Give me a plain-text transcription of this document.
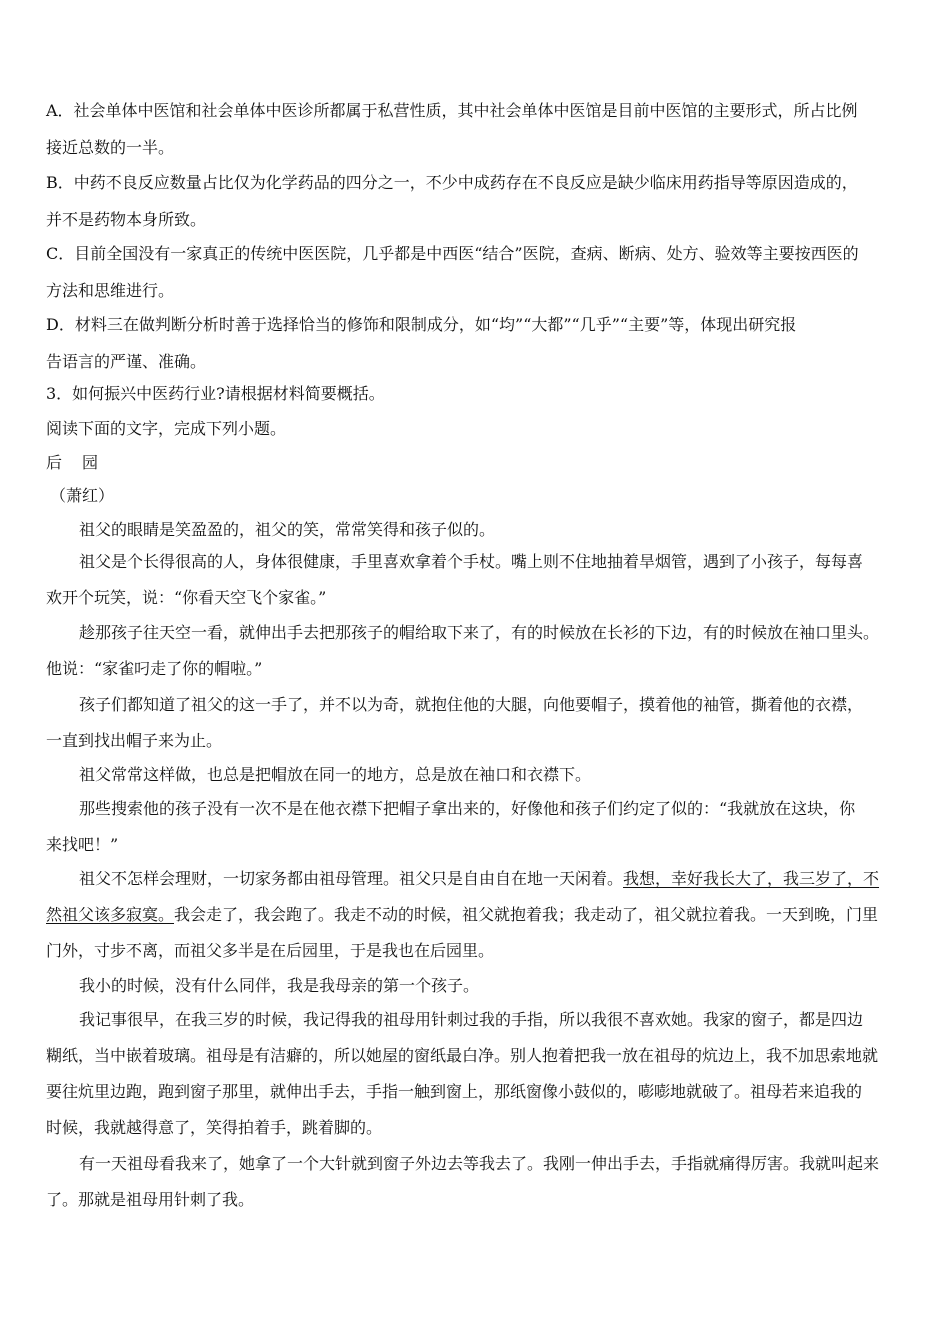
A．社会单体中医馆和社会单体中医诊所都属于私营性质，其中社会单体中医馆是目前中医馆的主要形式，所占比例
接近总数的一半。
B．中药不良反应数量占比仅为化学药品的四分之一，不少中成药存在不良反应是缺少临床用药指导等原因造成的，
并不是药物本身所致。
C．目前全国没有一家真正的传统中医医院，几乎都是中西医“结合”医院，查病、断病、处方、验效等主要按西医的
方法和思维进行。
D．材料三在做判断分析时善于选择恰当的修饰和限制成分，如“均”“大都”“几乎”“主要”等，体现出研究报
告语言的严谨、准确。
3．如何振兴中医药行业?请根据材料简要概括。
阅读下面的文字，完成下列小题。
后园
（萧红）
祖父的眼睛是笑盈盈的，祖父的笑，常常笑得和孩子似的。
祖父是个长得很高的人，身体很健康，手里喜欢拿着个手杖。嘴上则不住地抽着旱烟管，遇到了小孩子，每每喜
欢开个玩笑，说：“你看天空飞个家雀。”
趁那孩子往天空一看，就伸出手去把那孩子的帽给取下来了，有的时候放在长衫的下边，有的时候放在袖口里头。
他说：“家雀叼走了你的帽啦。”
孩子们都知道了祖父的这一手了，并不以为奇，就抱住他的大腿，向他要帽子，摸着他的袖管，撕着他的衣襟，
一直到找出帽子来为止。
祖父常常这样做，也总是把帽放在同一的地方，总是放在袖口和衣襟下。
那些搜索他的孩子没有一次不是在他衣襟下把帽子拿出来的，好像他和孩子们约定了似的：“我就放在这块，你
来找吧！”
祖父不怎样会理财，一切家务都由祖母管理。祖父只是自由自在地一天闲着。我想，幸好我长大了，我三岁了，不
然祖父该多寂寞。我会走了，我会跑了。我走不动的时候，祖父就抱着我；我走动了，祖父就拉着我。一天到晚，门里
门外，寸步不离，而祖父多半是在后园里，于是我也在后园里。
我小的时候，没有什么同伴，我是我母亲的第一个孩子。
我记事很早，在我三岁的时候，我记得我的祖母用针刺过我的手指，所以我很不喜欢她。我家的窗子，都是四边
糊纸，当中嵌着玻璃。祖母是有洁癖的，所以她屋的窗纸最白净。别人抱着把我一放在祖母的炕边上，我不加思索地就
要往炕里边跑，跑到窗子那里，就伸出手去，手指一触到窗上，那纸窗像小鼓似的，嘭嘭地就破了。祖母若来追我的
时候，我就越得意了，笑得拍着手，跳着脚的。
有一天祖母看我来了，她拿了一个大针就到窗子外边去等我去了。我刚一伸出手去，手指就痛得厉害。我就叫起来
了。那就是祖母用针刺了我。
